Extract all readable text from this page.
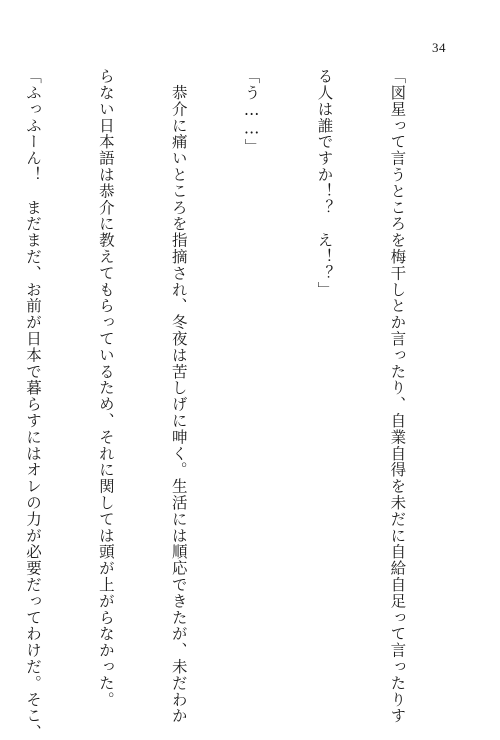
34

「図星って言うところを梅干しとか言ったり、自業自得を未だに自給自足って言ったりす

る人は誰ですか！？　え！？」

「う……」

　恭介に痛いところを指摘され、冬夜は苦しげに呻く。生活には順応できたが、未だわか

らない日本語は恭介に教えてもらっているため、それに関しては頭が上がらなかった。

「ふっふーん！　まだまだ、お前が日本で暮らすにはオレの力が必要だってわけだ。そこ、
